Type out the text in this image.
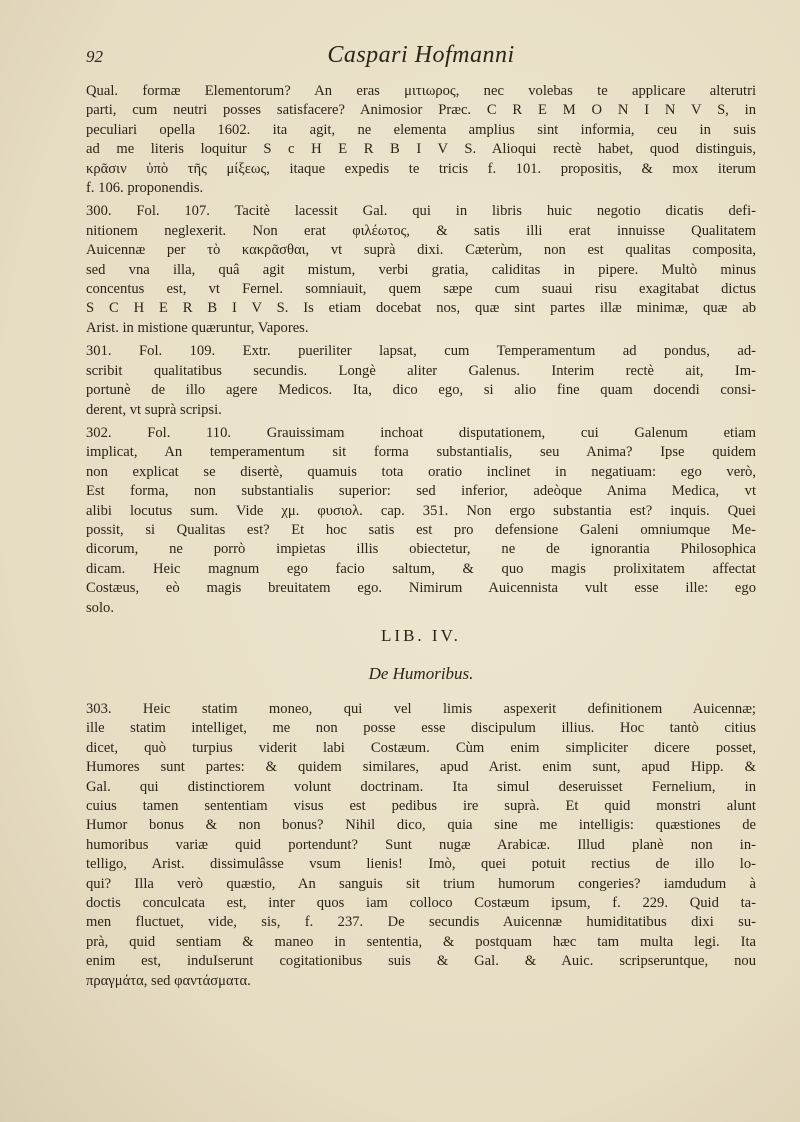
92	Caspari Hofmanni
Qual. formæ Elementorum? An eras μιτιωρος, nec volebas te applicare alterutri
parti, cum neutri posses satisfacere? Animosior Præc. C R E M O N I N V S, in
peculiari opella 1602. ita agit, ne elementa amplius sint informia, ceu in suis
ad me literis loquitur S c H E R B I V S. Alioqui rectè habet, quod distinguis,
κρᾶσιν ὑπὸ τῆς μίξεως, itaque expedis te tricis f. 101. propositis, & mox iterum
f. 106. proponendis.
300. Fol. 107. Tacitè lacessit Gal. qui in libris huic negotio dicatis defi-
nitionem neglexerit. Non erat φιλέωτος, & satis illi erat innuisse Qualitatem
Auicennæ per τὸ κακρᾶσθαι, vt suprà dixi. Cæterùm, non est qualitas composita,
sed vna illa, quâ agit mistum, verbi gratia, caliditas in pipere. Multò minus
concentus est, vt Fernel. somniauit, quem sæpe cum suaui risu exagitabat dictus
S C H E R B I V S. Is etiam docebat nos, quæ sint partes illæ minimæ, quæ ab
Arist. in mistione quæruntur, Vapores.
301. Fol. 109. Extr. pueriliter lapsat, cum Temperamentum ad pondus, ad-
scribit qualitatibus secundis. Longè aliter Galenus. Interim rectè ait, Im-
portunè de illo agere Medicos. Ita, dico ego, si alio fine quam docendi consi-
derent, vt suprà scripsi.
302. Fol. 110. Grauissimam inchoat disputationem, cui Galenum etiam
implicat, An temperamentum sit forma substantialis, seu Anima? Ipse quidem
non explicat se disertè, quamuis tota oratio inclinet in negatiuam: ego verò,
Est forma, non substantialis superior: sed inferior, adeòque Anima Medica, vt
alibi locutus sum. Vide χμ. φυσιολ. cap. 351. Non ergo substantia est? inquis. Quei
possit, si Qualitas est? Et hoc satis est pro defensione Galeni omniumque Me-
dicorum, ne porrò impietas illis obiectetur, ne de ignorantia Philosophica
dicam. Heic magnum ego facio saltum, & quo magis prolixitatem affectat
Costæus, eò magis breuitatem ego. Nimirum Auicennista vult esse ille: ego
solo.
LIB. IV.
De Humoribus.
303. Heic statim moneo, qui vel limis aspexerit definitionem Auicennæ;
ille statim intelliget, me non posse esse discipulum illius. Hoc tantò citius
dicet, quò turpius viderit labi Costæum. Cùm enim simpliciter dicere posset,
Humores sunt partes: & quidem similares, apud Arist. enim sunt, apud Hipp. &
Gal. qui distinctiorem volunt doctrinam. Ita simul deseruisset Fernelium, in
cuius tamen sententiam visus est pedibus ire suprà. Et quid monstri alunt
Humor bonus & non bonus? Nihil dico, quia sine me intelligis: quæstiones de
humoribus variæ quid portendunt? Sunt nugæ Arabicæ. Illud planè non in-
telligo, Arist. dissimulâsse vsum lienis! Imò, quei potuit rectius de illo lo-
qui? Illa verò quæstio, An sanguis sit trium humorum congeries? iamdudum à
doctis conculcata est, inter quos iam colloco Costæum ipsum, f. 229. Quid ta-
men fluctuet, vide, sis, f. 237. De secundis Auicennæ humiditatibus dixi su-
prà, quid sentiam & maneo in sententia, & postquam hæc tam multa legi. Ita
enim est, induIserunt cogitationibus suis & Gal. & Auic. scripseruntque, nou
πραγμάτα, sed φαντάσματα.
